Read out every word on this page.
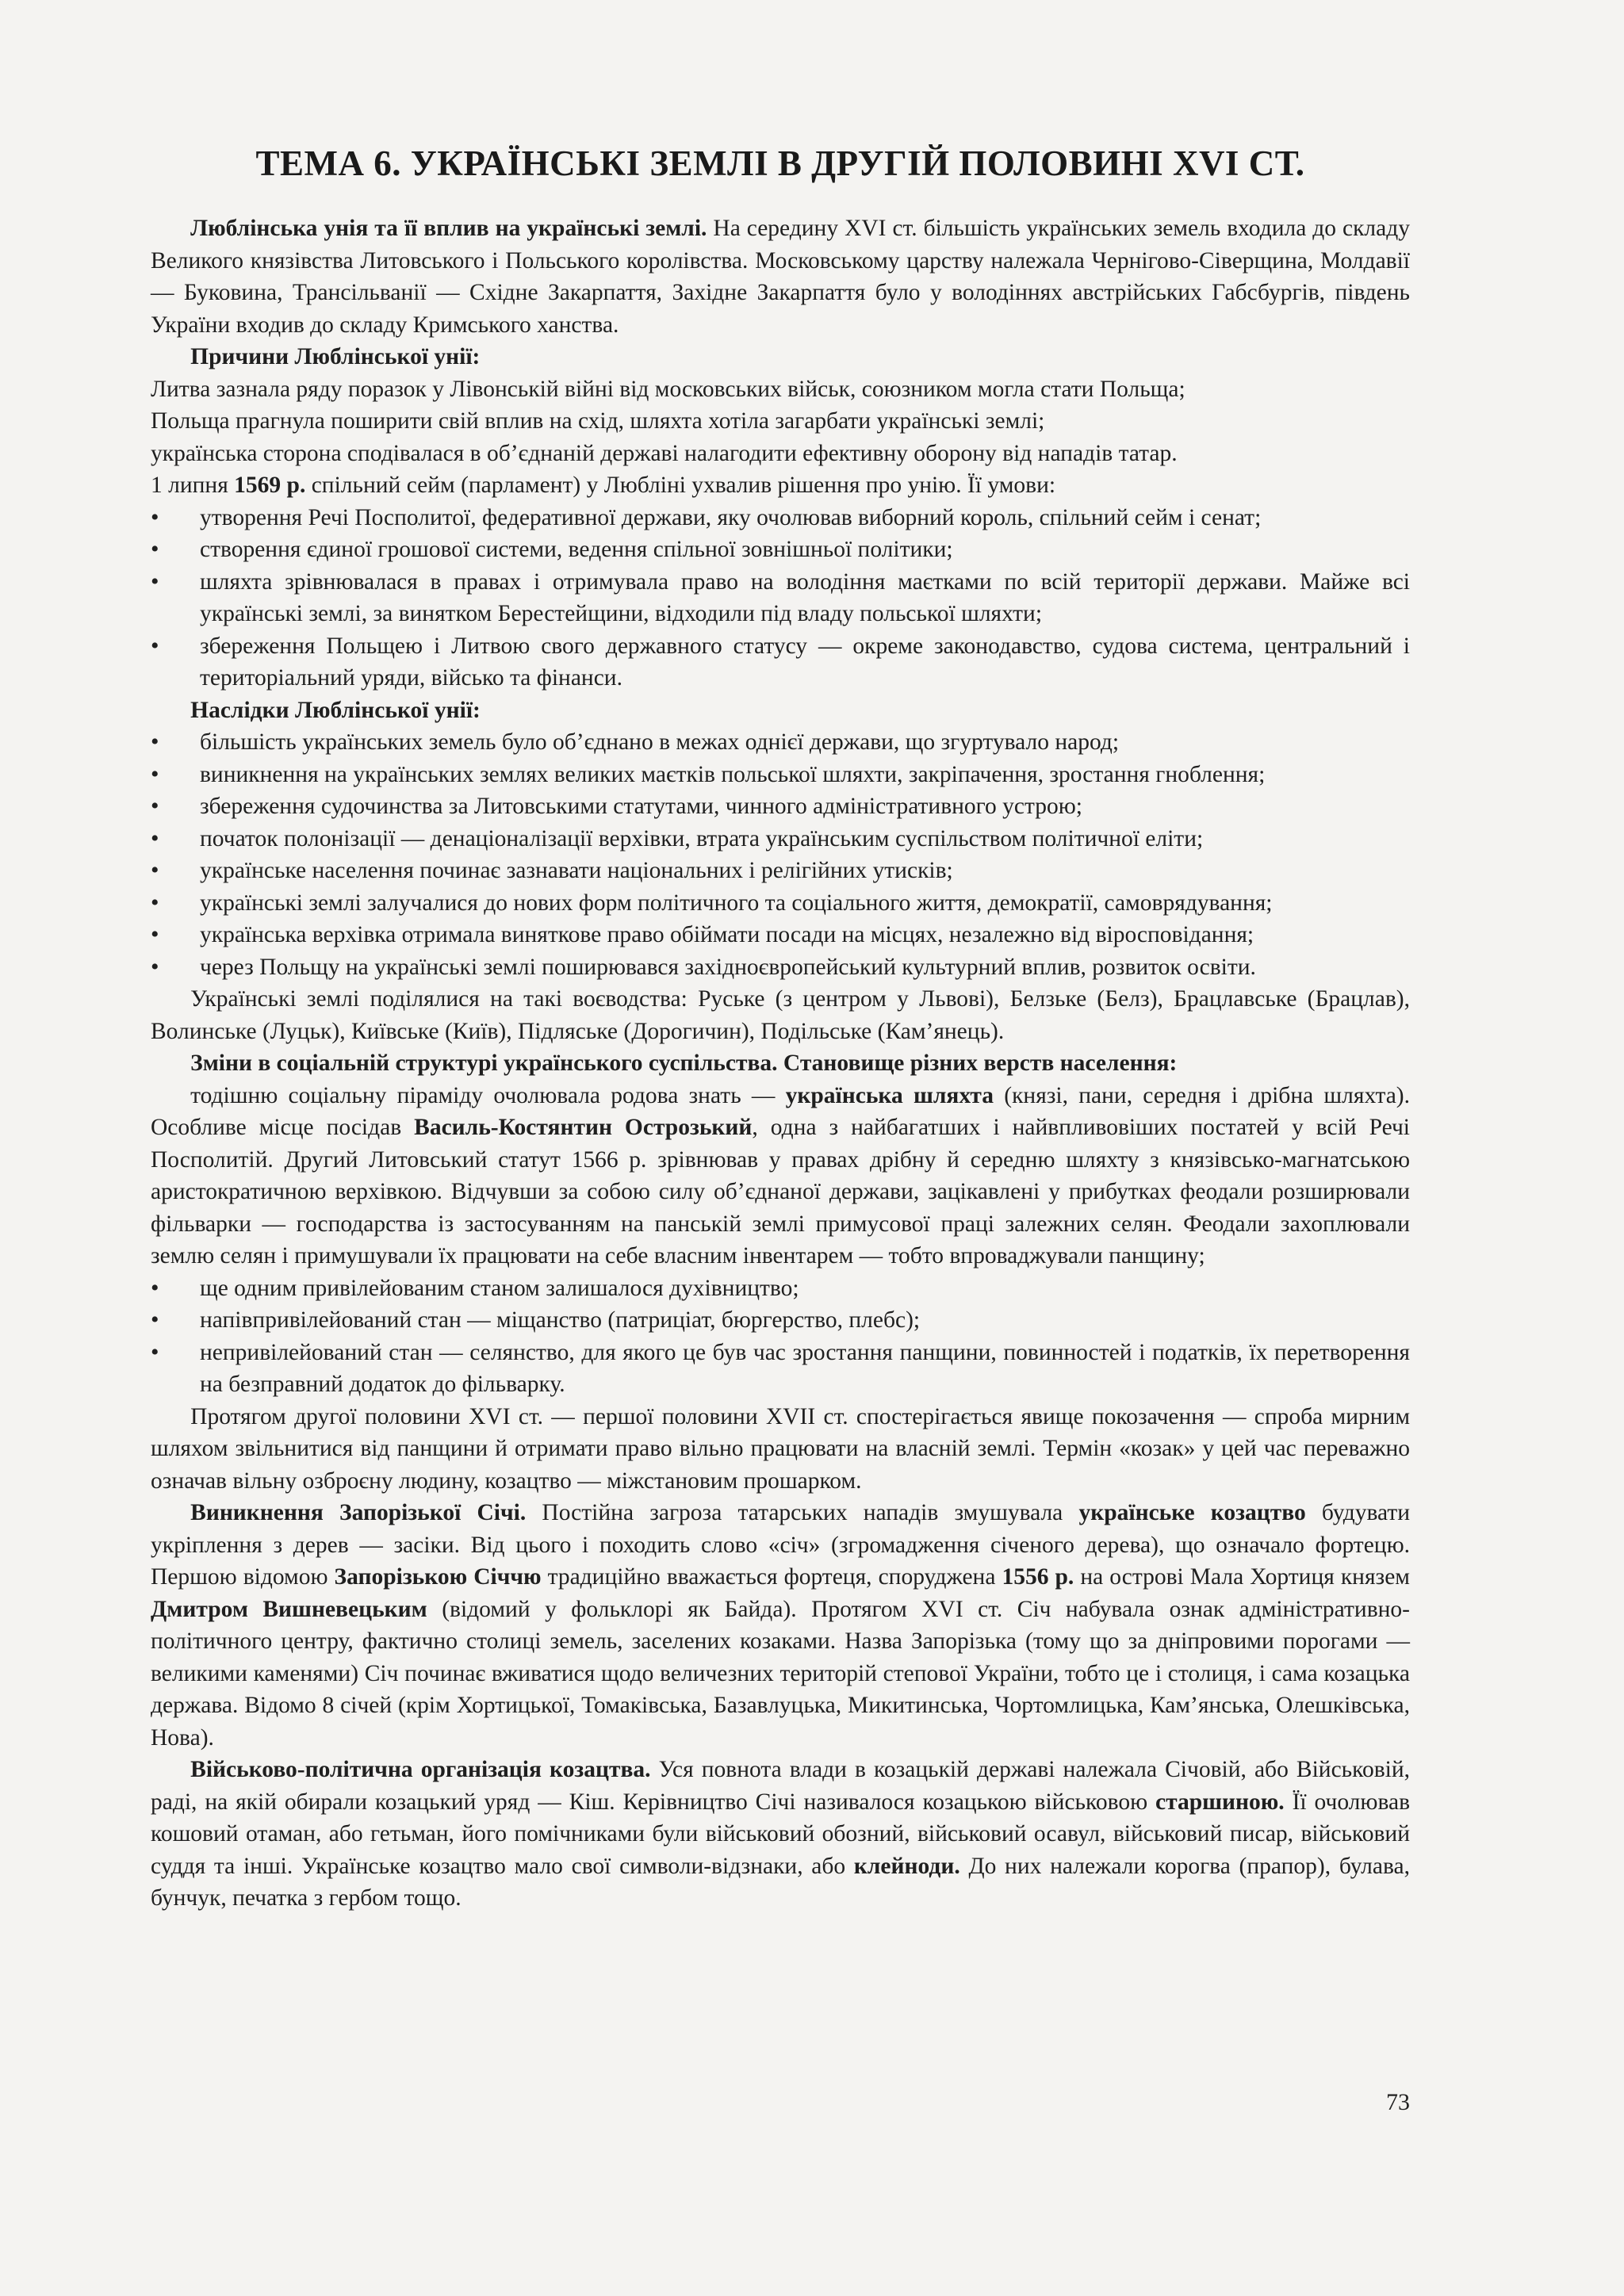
ТЕМА 6. УКРАЇНСЬКІ ЗЕМЛІ В ДРУГІЙ ПОЛОВИНІ XVI СТ.

Люблінська унія та її вплив на українські землі. На середину XVI ст. більшість українських земель входила до складу Великого князівства Литовського і Польського королівства. Московському царству належала Чернігово-Сіверщина, Молдавії — Буковина, Трансільванії — Східне Закарпаття, Західне Закарпаття було у володіннях австрійських Габсбургів, південь України входив до складу Кримського ханства.

Причини Люблінської унії:

Литва зазнала ряду поразок у Лівонській війні від московських військ, союзником могла стати Польща;

Польща прагнула поширити свій вплив на схід, шляхта хотіла загарбати українські землі;

українська сторона сподівалася в об’єднаній державі налагодити ефективну оборону від нападів татар.

1 липня 1569 р. спільний сейм (парламент) у Любліні ухвалив рішення про унію. Її умови:

• утворення Речі Посполитої, федеративної держави, яку очолював виборний король, спільний сейм і сенат;
• створення єдиної грошової системи, ведення спільної зовнішньої політики;
• шляхта зрівнювалася в правах і отримувала право на володіння маєтками по всій території держави. Майже всі українські землі, за винятком Берестейщини, відходили під владу польської шляхти;
• збереження Польщею і Литвою свого державного статусу — окреме законодавство, судова система, центральний і територіальний уряди, військо та фінанси.
Наслідки Люблінської унії:
• більшість українських земель було об’єднано в межах однієї держави, що згуртувало народ;
• виникнення на українських землях великих маєтків польської шляхти, закріпачення, зростання гноблення;
• збереження судочинства за Литовськими статутами, чинного адміністративного устрою;
• початок полонізації — денаціоналізації верхівки, втрата українським суспільством політичної еліти;
• українське населення починає зазнавати національних і релігійних утисків;
• українські землі залучалися до нових форм політичного та соціального життя, демократії, самоврядування;
• українська верхівка отримала виняткове право обіймати посади на місцях, незалежно від віросповідання;
• через Польщу на українські землі поширювався західноєвропейський культурний вплив, розвиток освіти.

Українські землі поділялися на такі воєводства: Руське (з центром у Львові), Белзьке (Белз), Брацлавське (Брацлав), Волинське (Луцьк), Київське (Київ), Підляське (Дорогичин), Подільське (Кам’янець).

Зміни в соціальній структурі українського суспільства. Становище різних верств населення:

тодішню соціальну піраміду очолювала родова знать — українська шляхта (князі, пани, середня і дрібна шляхта). Особливе місце посідав Василь-Костянтин Острозький, одна з найбагатших і найвпливовіших постатей у всій Речі Посполитій. Другий Литовський статут 1566 р. зрівнював у правах дрібну й середню шляхту з князівсько-магнатською аристократичною верхівкою. Відчувши за собою силу об’єднаної держави, зацікавлені у прибутках феодали розширювали фільварки — господарства із застосуванням на панській землі примусової праці залежних селян. Феодали захоплювали землю селян і примушували їх працювати на себе власним інвентарем — тобто впроваджували панщину;

• ще одним привілейованим станом залишалося духівництво;
• напівпривілейований стан — міщанство (патриціат, бюргерство, плебс);
• непривілейований стан — селянство, для якого це був час зростання панщини, повинностей і податків, їх перетворення на безправний додаток до фільварку.

Протягом другої половини XVI ст. — першої половини XVII ст. спостерігається явище покозачення — спроба мирним шляхом звільнитися від панщини й отримати право вільно працювати на власній землі. Термін «козак» у цей час переважно означав вільну озброєну людину, козацтво — міжстановим прошарком.

Виникнення Запорізької Січі. Постійна загроза татарських нападів змушувала українське козацтво будувати укріплення з дерев — засіки. Від цього і походить слово «січ» (згромадження січеного дерева), що означало фортецю. Першою відомою Запорізькою Січчю традиційно вважається фортеця, споруджена 1556 р. на острові Мала Хортиця князем Дмитром Вишневецьким (відомий у фольклорі як Байда). Протягом XVI ст. Січ набувала ознак адміністративно-політичного центру, фактично столиці земель, заселених козаками. Назва Запорізька (тому що за дніпровими порогами — великими каменями) Січ починає вживатися щодо величезних територій степової України, тобто це і столиця, і сама козацька держава. Відомо 8 січей (крім Хортицької, Томаківська, Базавлуцька, Микитинська, Чортомлицька, Кам’янська, Олешківська, Нова).

Військово-політична організація козацтва. Уся повнота влади в козацькій державі належала Січовій, або Військовій, раді, на якій обирали козацький уряд — Кіш. Керівництво Січі називалося козацькою військовою старшиною. Її очолював кошовий отаман, або гетьман, його помічниками були військовий обозний, військовий осавул, військовий писар, військовий суддя та інші. Українське козацтво мало свої символи-відзнаки, або клейноди. До них належали корогва (прапор), булава, бунчук, печатка з гербом тощо.

73
